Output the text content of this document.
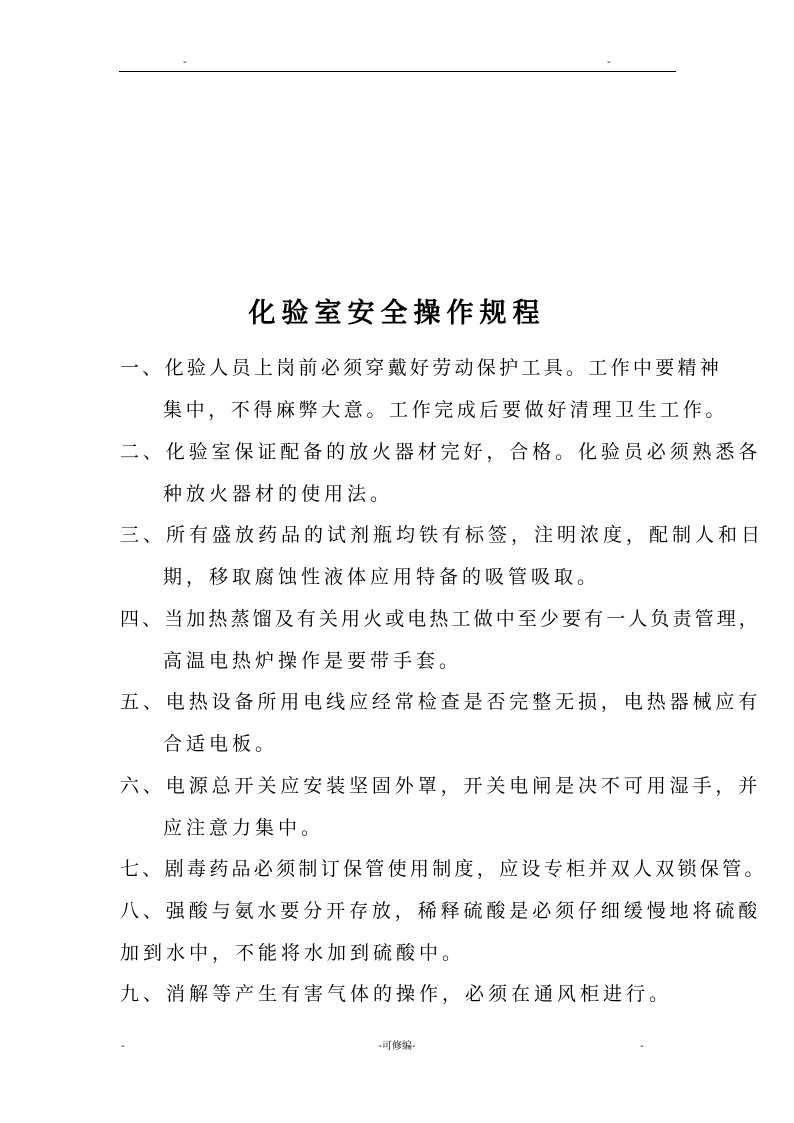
-	-
化验室安全操作规程
一、化验人员上岗前必须穿戴好劳动保护工具。工作中要精神
集中，不得麻弊大意。工作完成后要做好清理卫生工作。
二、化验室保证配备的放火器材完好，合格。化验员必须熟悉各
种放火器材的使用法。
三、所有盛放药品的试剂瓶均铁有标签，注明浓度，配制人和日
期，移取腐蚀性液体应用特备的吸管吸取。
四、当加热蒸馏及有关用火或电热工做中至少要有一人负责管理，
高温电热炉操作是要带手套。
五、电热设备所用电线应经常检查是否完整无损，电热器械应有
合适电板。
六、电源总开关应安装坚固外罩，开关电闸是决不可用湿手，并
应注意力集中。
七、剧毒药品必须制订保管使用制度，应设专柜并双人双锁保管。
八、强酸与氨水要分开存放，稀释硫酸是必须仔细缓慢地将硫酸
加到水中，不能将水加到硫酸中。
九、消解等产生有害气体的操作，必须在通风柜进行。
-	-可修编-	-
